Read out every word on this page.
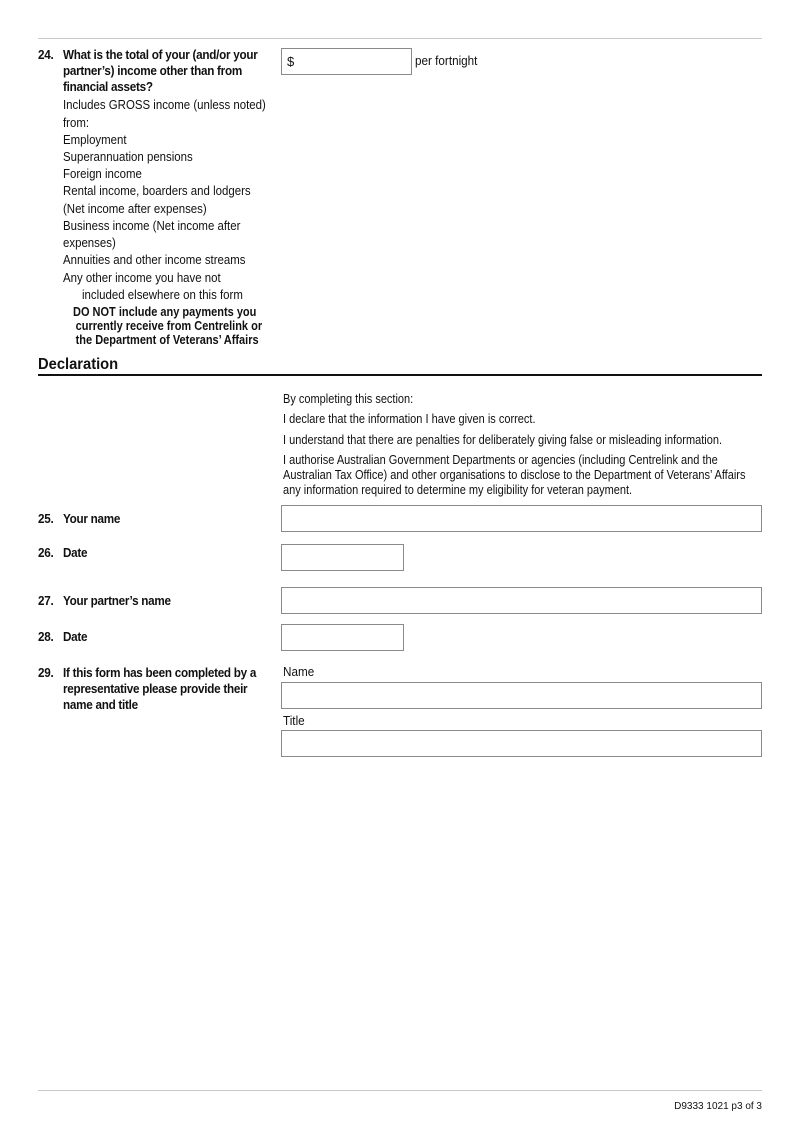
24. What is the total of your (and/or your
partner’s) income other than from
financial assets?
Includes GROSS income (unless noted)
from:
Employment
Superannuation pensions
Foreign income
Rental income, boarders and lodgers
(Net income after expenses)
Business income (Net income after
expenses)
Annuities and other income streams
Any other income you have not
included elsewhere on this form
DO NOT include any payments you
currently receive from Centrelink or
the Department of Veterans’ Affairs
$	per fortnight
Declaration
By completing this section:
I declare that the information I have given is correct.
I understand that there are penalties for deliberately giving false or misleading information.
I authorise Australian Government Departments or agencies (including Centrelink and the
Australian Tax Office) and other organisations to disclose to the Department of Veterans’ Affairs
any information required to determine my eligibility for veteran payment.
25. Your name
26. Date
27. Your partner’s name
28. Date
29. If this form has been completed by a
representative please provide their
name and title
Name
Title
D9333 1021 p3 of 3
